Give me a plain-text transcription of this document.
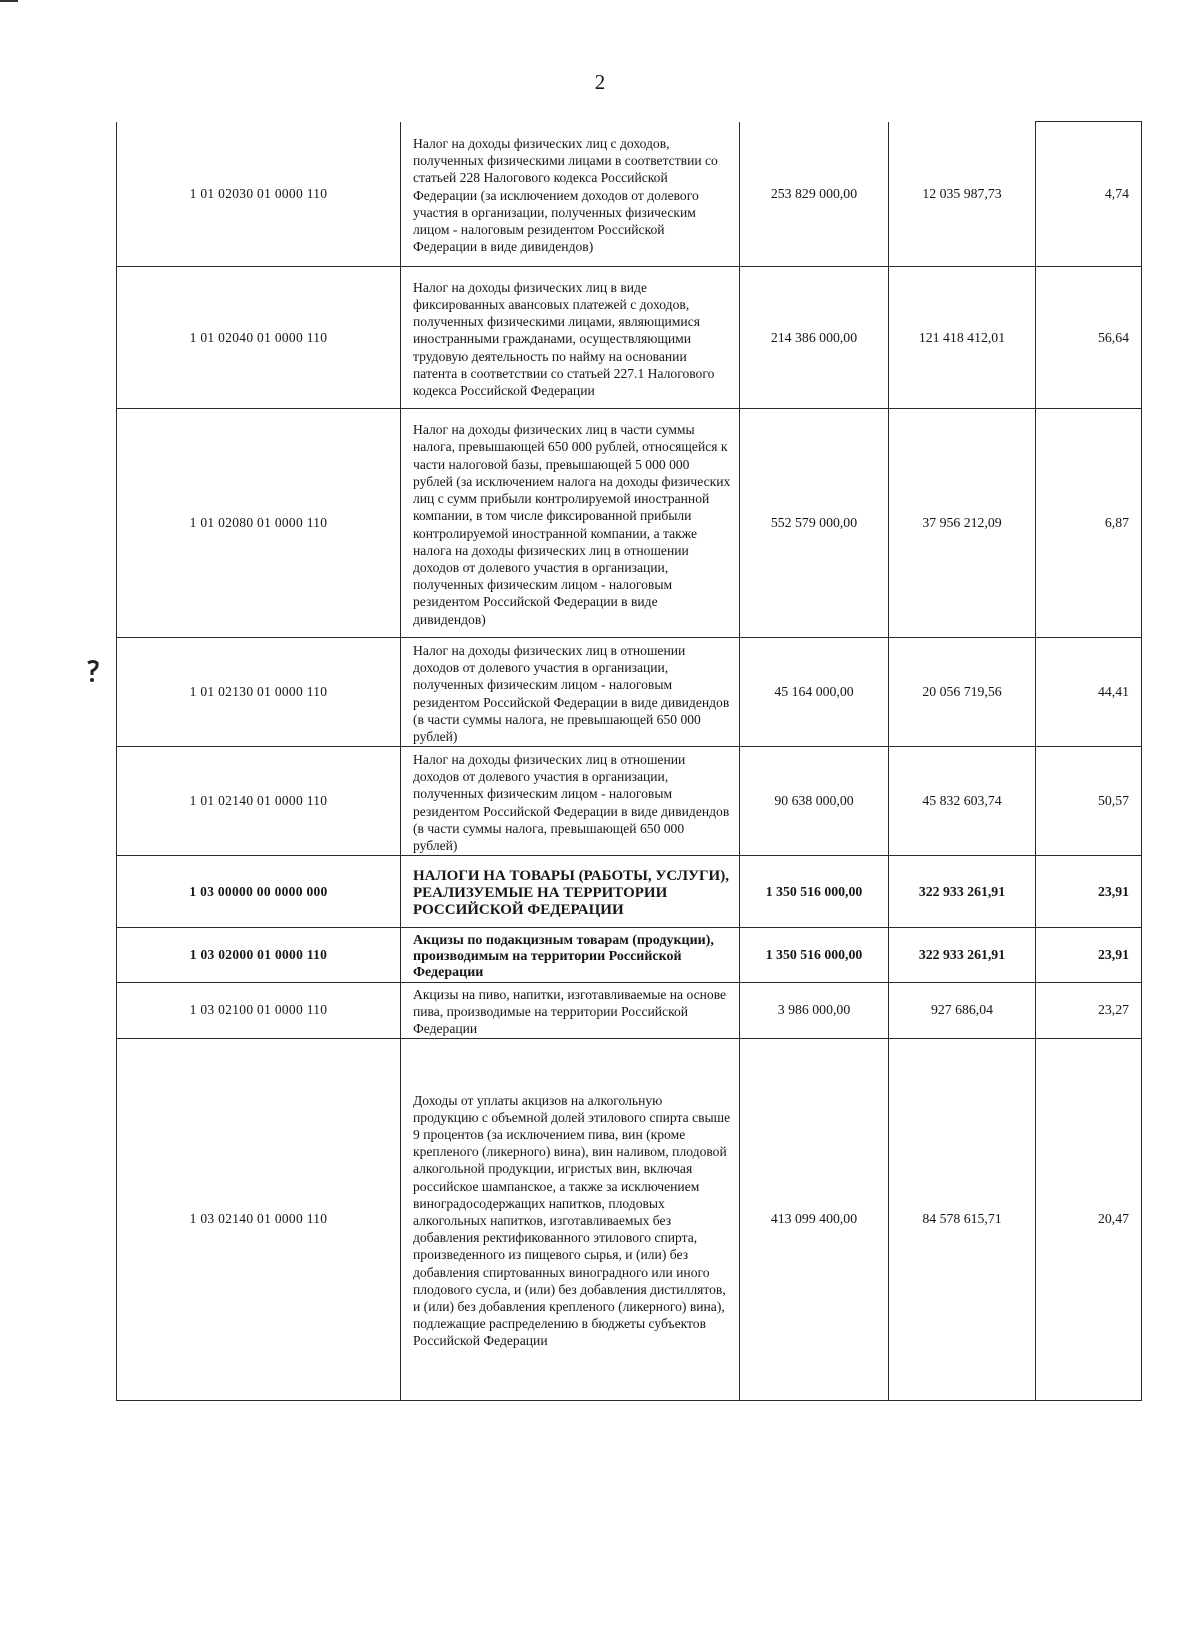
2
1 01 02030 01 0000 110	Налог на доходы физических лиц с доходов, полученных физическими лицами в соответствии со статьей 228 Налогового кодекса Российской Федерации (за исключением доходов от долевого участия в организации, полученных физическим лицом - налоговым резидентом Российской Федерации в виде дивидендов)	253 829 000,00	12 035 987,73	4,74
1 01 02040 01 0000 110	Налог на доходы физических лиц в виде фиксированных авансовых платежей с доходов, полученных физическими лицами, являющимися иностранными гражданами, осуществляющими трудовую деятельность по найму на основании патента в соответствии со статьей 227.1 Налогового кодекса Российской Федерации	214 386 000,00	121 418 412,01	56,64
1 01 02080 01 0000 110	Налог на доходы физических лиц в части суммы налога, превышающей 650 000 рублей, относящейся к части налоговой базы, превышающей 5 000 000 рублей (за исключением налога на доходы физических лиц с сумм прибыли контролируемой иностранной компании, в том числе фиксированной прибыли контролируемой иностранной компании, а также налога на доходы физических лиц в отношении доходов от долевого участия в организации, полученных физическим лицом - налоговым резидентом Российской Федерации в виде дивидендов)	552 579 000,00	37 956 212,09	6,87
1 01 02130 01 0000 110	Налог на доходы физических лиц в отношении доходов от долевого участия в организации, полученных физическим лицом - налоговым резидентом Российской Федерации в виде дивидендов (в части суммы налога, не превышающей 650 000 рублей)	45 164 000,00	20 056 719,56	44,41
1 01 02140 01 0000 110	Налог на доходы физических лиц в отношении доходов от долевого участия в организации, полученных физическим лицом - налоговым резидентом Российской Федерации в виде дивидендов (в части суммы налога, превышающей 650 000 рублей)	90 638 000,00	45 832 603,74	50,57
1 03 00000 00 0000 000	НАЛОГИ НА ТОВАРЫ (РАБОТЫ, УСЛУГИ), РЕАЛИЗУЕМЫЕ НА ТЕРРИТОРИИ РОССИЙСКОЙ ФЕДЕРАЦИИ	1 350 516 000,00	322 933 261,91	23,91
1 03 02000 01 0000 110	Акцизы по подакцизным товарам (продукции), производимым на территории Российской Федерации	1 350 516 000,00	322 933 261,91	23,91
1 03 02100 01 0000 110	Акцизы на пиво, напитки, изготавливаемые на основе пива, производимые на территории Российской Федерации	3 986 000,00	927 686,04	23,27
1 03 02140 01 0000 110	Доходы от уплаты акцизов на алкогольную продукцию с объемной долей этилового спирта свыше 9 процентов (за исключением пива, вин (кроме крепленого (ликерного) вина), вин наливом, плодовой алкогольной продукции, игристых вин, включая российское шампанское, а также за исключением виноградосодержащих напитков, плодовых алкогольных напитков, изготавливаемых без добавления ректификованного этилового спирта, произведенного из пищевого сырья, и (или) без добавления спиртованных виноградного или иного плодового сусла, и (или) без добавления дистиллятов, и (или) без добавления крепленого (ликерного) вина), подлежащие распределению в бюджеты субъектов Российской Федерации	413 099 400,00	84 578 615,71	20,47
